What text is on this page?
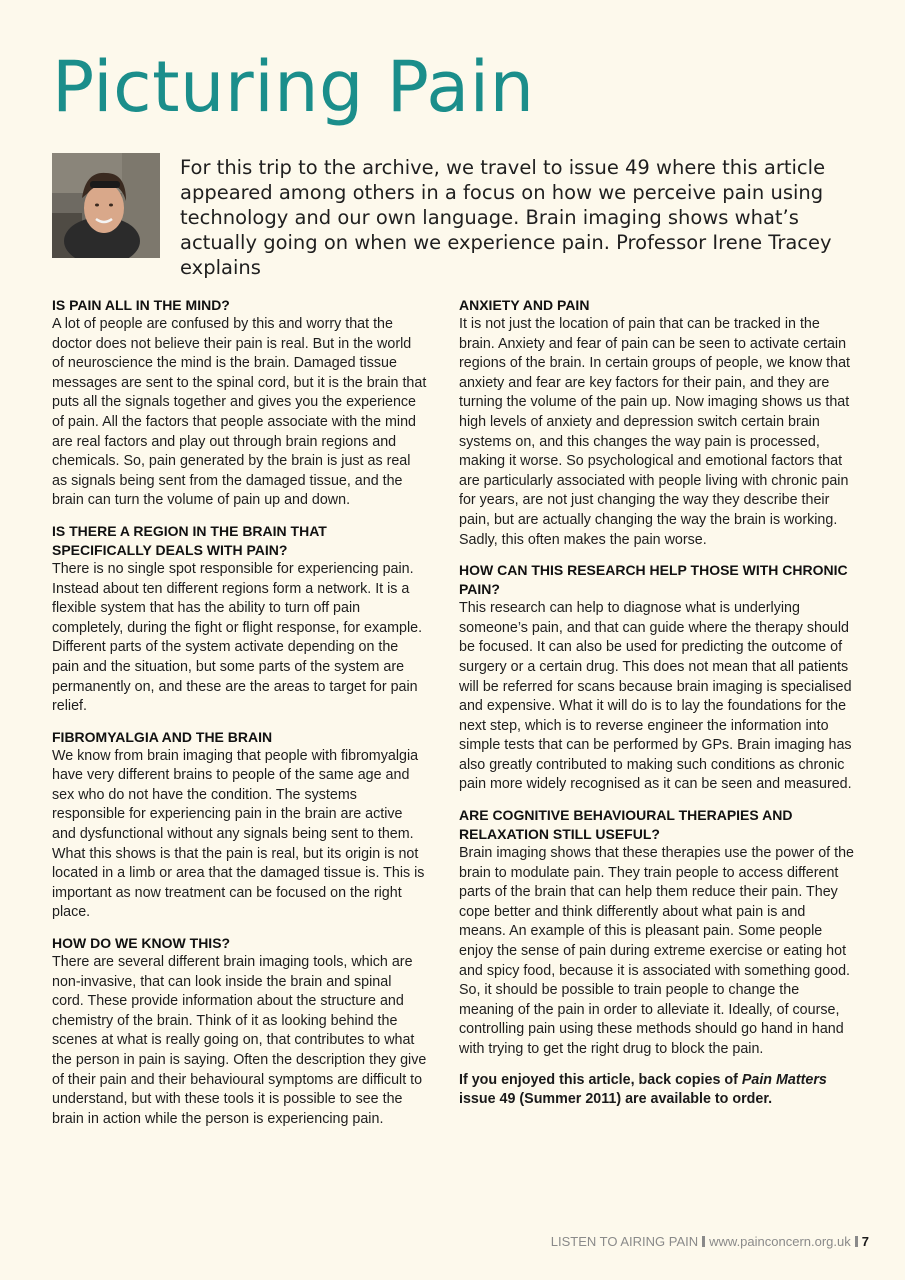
Picturing Pain

For this trip to the archive, we travel to issue 49 where this article appeared among others in a focus on how we perceive pain using technology and our own language. Brain imaging shows what’s actually going on when we experience pain. Professor Irene Tracey explains

IS PAIN ALL IN THE MIND?

A lot of people are confused by this and worry that the doctor does not believe their pain is real. But in the world of neuroscience the mind is the brain. Damaged tissue messages are sent to the spinal cord, but it is the brain that puts all the signals together and gives you the experience of pain. All the factors that people associate with the mind are real factors and play out through brain regions and chemicals. So, pain generated by the brain is just as real as signals being sent from the damaged tissue, and the brain can turn the volume of pain up and down.

IS THERE A REGION IN THE BRAIN THAT SPECIFICALLY DEALS WITH PAIN?

There is no single spot responsible for experiencing pain. Instead about ten different regions form a network. It is a flexible system that has the ability to turn off pain completely, during the fight or flight response, for example. Different parts of the system activate depending on the pain and the situation, but some parts of the system are permanently on, and these are the areas to target for pain relief.

FIBROMYALGIA AND THE BRAIN

We know from brain imaging that people with fibromyalgia have very different brains to people of the same age and sex who do not have the condition. The systems responsible for experiencing pain in the brain are active and dysfunctional without any signals being sent to them. What this shows is that the pain is real, but its origin is not located in a limb or area that the damaged tissue is. This is important as now treatment can be focused on the right place.

HOW DO WE KNOW THIS?

There are several different brain imaging tools, which are non-invasive, that can look inside the brain and spinal cord. These provide information about the structure and chemistry of the brain. Think of it as looking behind the scenes at what is really going on, that contributes to what the person in pain is saying. Often the description they give of their pain and their behavioural symptoms are difficult to understand, but with these tools it is possible to see the brain in action while the person is experiencing pain.

ANXIETY AND PAIN

It is not just the location of pain that can be tracked in the brain. Anxiety and fear of pain can be seen to activate certain regions of the brain. In certain groups of people, we know that anxiety and fear are key factors for their pain, and they are turning the volume of the pain up. Now imaging shows us that high levels of anxiety and depression switch certain brain systems on, and this changes the way pain is processed, making it worse. So psychological and emotional factors that are particularly associated with people living with chronic pain for years, are not just changing the way they describe their pain, but are actually changing the way the brain is working. Sadly, this often makes the pain worse.

HOW CAN THIS RESEARCH HELP THOSE WITH CHRONIC PAIN?

This research can help to diagnose what is underlying someone’s pain, and that can guide where the therapy should be focused. It can also be used for predicting the outcome of surgery or a certain drug. This does not mean that all patients will be referred for scans because brain imaging is specialised and expensive. What it will do is to lay the foundations for the next step, which is to reverse engineer the information into simple tests that can be performed by GPs. Brain imaging has also greatly contributed to making such conditions as chronic pain more widely recognised as it can be seen and measured.

ARE COGNITIVE BEHAVIOURAL THERAPIES AND RELAXATION STILL USEFUL?

Brain imaging shows that these therapies use the power of the brain to modulate pain. They train people to access different parts of the brain that can help them reduce their pain. They cope better and think differently about what pain is and means. An example of this is pleasant pain. Some people enjoy the sense of pain during extreme exercise or eating hot and spicy food, because it is associated with something good. So, it should be possible to train people to change the meaning of the pain in order to alleviate it. Ideally, of course, controlling pain using these methods should go hand in hand with trying to get the right drug to block the pain.

If you enjoyed this article, back copies of Pain Matters issue 49 (Summer 2011) are available to order.

LISTEN TO AIRING PAIN www.painconcern.org.uk 7
